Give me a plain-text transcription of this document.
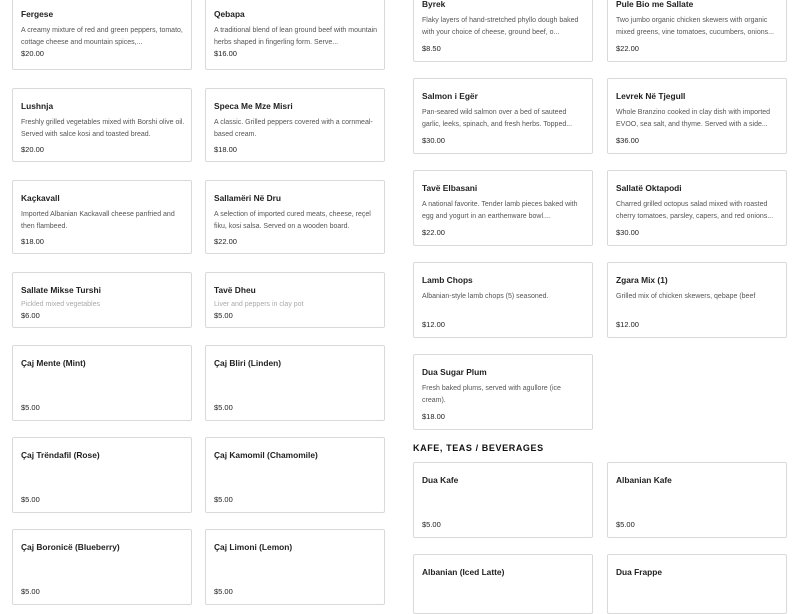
Fergese
A creamy mixture of red and green peppers, tomato, cottage cheese and mountain spices,...
$20.00
Qebapa
A traditional blend of lean ground beef with mountain herbs shaped in fingerling form. Serve...
$16.00
Lushnja
Freshly grilled vegetables mixed with Borshi olive oil. Served with salce kosi and toasted bread.
$20.00
Speca Me Mze Misri
A classic. Grilled peppers covered with a cornmeal-based cream.
$18.00
Kaçkavall
Imported Albanian Kackavall cheese panfried and then flambeed.
$18.00
Sallamëri Në Dru
A selection of imported cured meats, cheese, reçel fiku, kosi salsa. Served on a wooden board.
$22.00
Sallate Mikse Turshi
Pickled mixed vegetables
$6.00
Tavë Dheu
Liver and peppers in clay pot
$5.00
Çaj Mente (Mint)
$5.00
Çaj Bliri (Linden)
$5.00
Çaj Trëndafil (Rose)
$5.00
Çaj Kamomil (Chamomile)
$5.00
Çaj Boronicë (Blueberry)
$5.00
Çaj Limoni (Lemon)
$5.00
Byrek
Flaky layers of hand-stretched phyllo dough baked with your choice of cheese, ground beef, o...
$8.50
Pule Bio me Sallate
Two jumbo organic chicken skewers with organic mixed greens, vine tomatoes, cucumbers, onions...
$22.00
Salmon i Egër
Pan-seared wild salmon over a bed of sauteed garlic, leeks, spinach, and fresh herbs. Topped...
$30.00
Levrek Në Tjegull
Whole Branzino cooked in clay dish with imported EVOO, sea salt, and thyme. Served with a side...
$36.00
Tavë Elbasani
A national favorite. Tender lamb pieces baked with egg and yogurt in an earthenware bowl....
$22.00
Sallatë Oktapodi
Charred grilled octopus salad mixed with roasted cherry tomatoes, parsley, capers, and red onions...
$30.00
Lamb Chops
Albanian-style lamb chops (5) seasoned.
$12.00
Zgara Mix (1)
Grilled mix of chicken skewers, qebape (beef
$12.00
Dua Sugar Plum
Fresh baked plums, served with agullore (ice cream).
$18.00
KAFE, TEAS / BEVERAGES
Dua Kafe
$5.00
Albanian Kafe
$5.00
Albanian (Iced Latte)	Dua Frappe
